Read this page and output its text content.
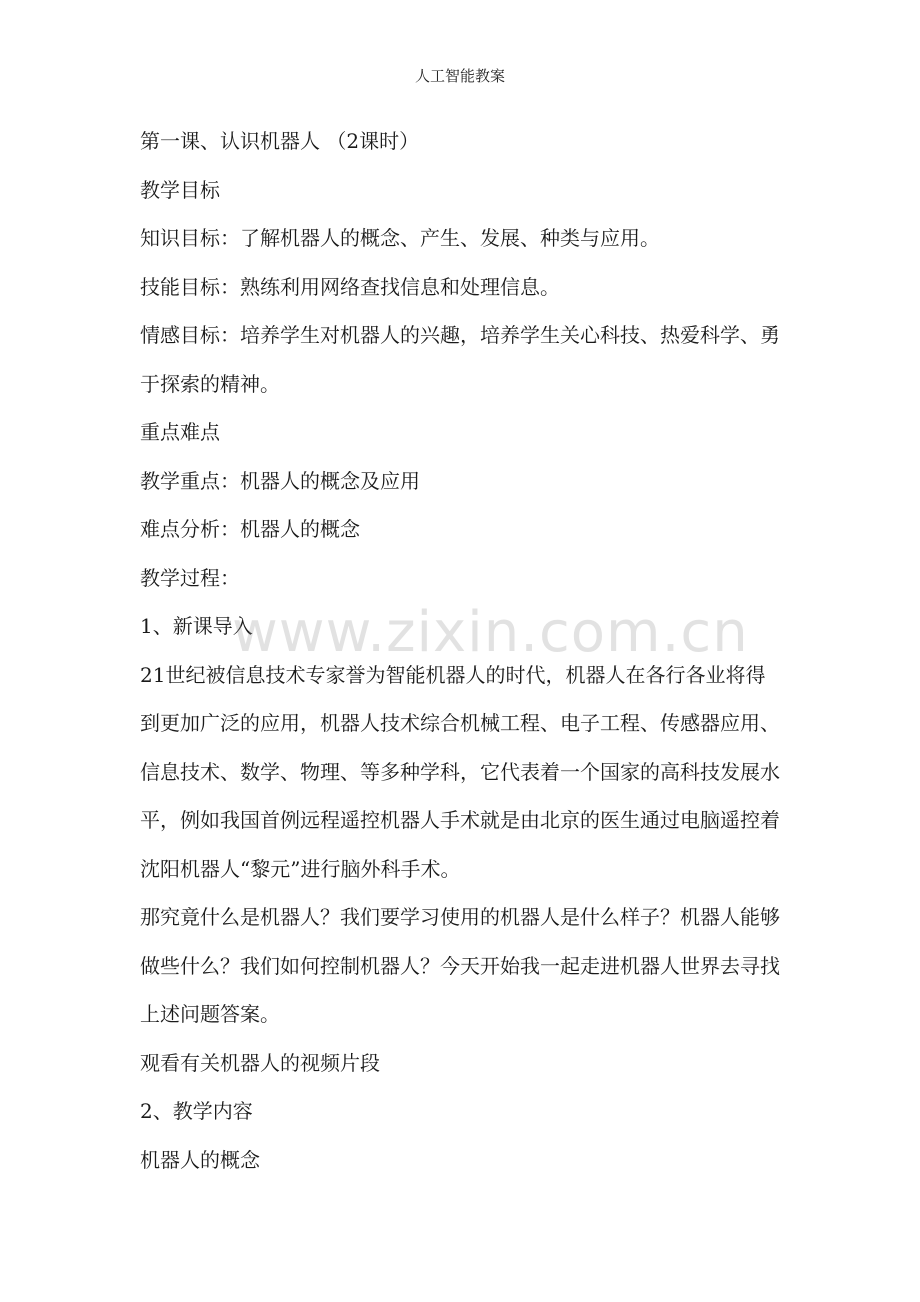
人工智能教案

第一课、认识机器人 （2课时）

教学目标

知识目标：了解机器人的概念、产生、发展、种类与应用。

技能目标：熟练利用网络查找信息和处理信息。

情感目标：培养学生对机器人的兴趣，培养学生关心科技、热爱科学、勇于探索的精神。

重点难点

教学重点：机器人的概念及应用

难点分析：机器人的概念

教学过程：

1、新课导入

21世纪被信息技术专家誉为智能机器人的时代，机器人在各行各业将得到更加广泛的应用，机器人技术综合机械工程、电子工程、传感器应用、信息技术、数学、物理、等多种学科，它代表着一个国家的高科技发展水平，例如我国首例远程遥控机器人手术就是由北京的医生通过电脑遥控着沈阳机器人“黎元”进行脑外科手术。

那究竟什么是机器人？我们要学习使用的机器人是什么样子？机器人能够做些什么？我们如何控制机器人？今天开始我一起走进机器人世界去寻找上述问题答案。

观看有关机器人的视频片段

2、教学内容

机器人的概念

www.zixin.com.cn
